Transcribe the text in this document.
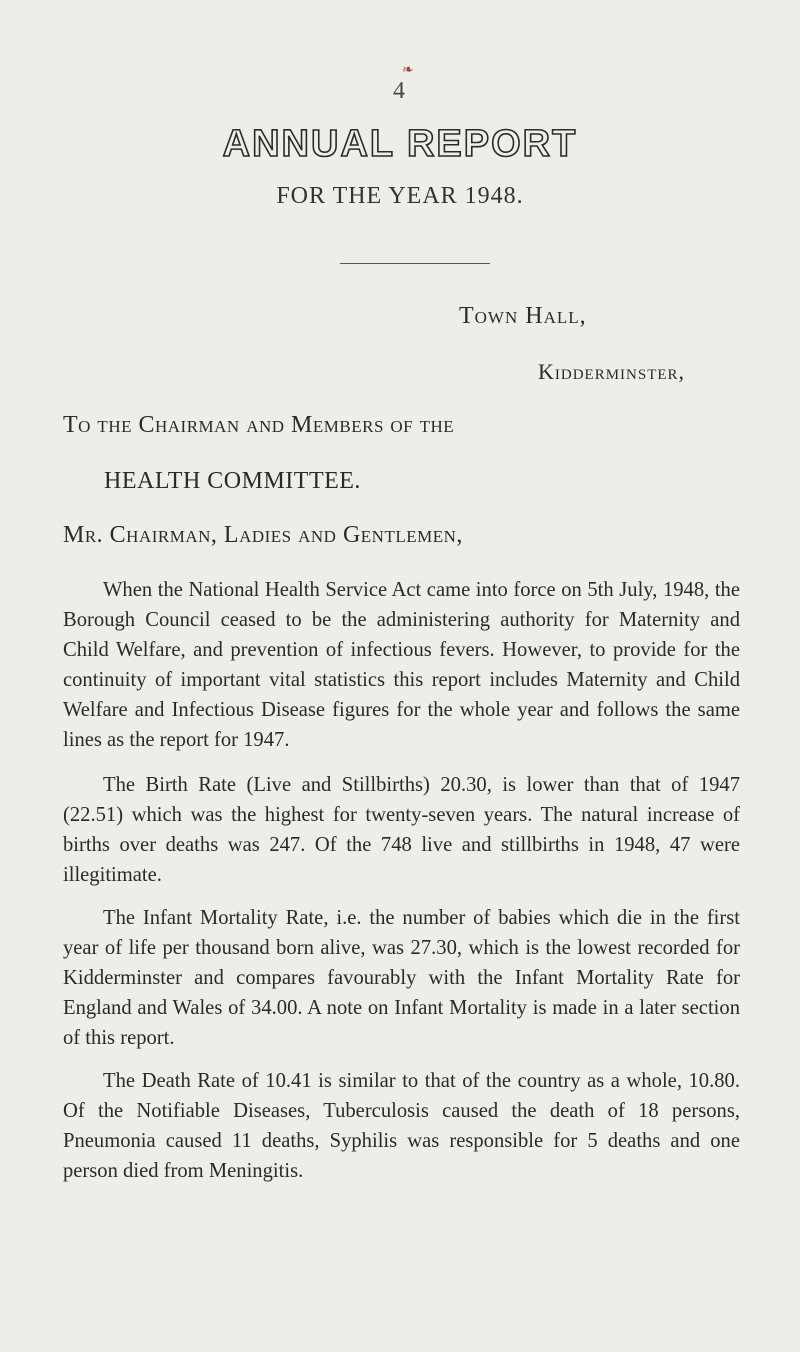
❧
4
ANNUAL REPORT
FOR THE YEAR 1948.
Town Hall,
Kidderminster,
To the Chairman and Members of the
HEALTH COMMITTEE.
Mr. Chairman, Ladies and Gentlemen,

When the National Health Service Act came into force on 5th July, 1948, the Borough Council ceased to be the administering authority for Maternity and Child Welfare, and prevention of infectious fevers. However, to provide for the continuity of important vital statistics this report includes Maternity and Child Welfare and Infectious Disease figures for the whole year and follows the same lines as the report for 1947.

The Birth Rate (Live and Stillbirths) 20.30, is lower than that of 1947 (22.51) which was the highest for twenty-seven years. The natural increase of births over deaths was 247. Of the 748 live and stillbirths in 1948, 47 were illegitimate.

The Infant Mortality Rate, i.e. the number of babies which die in the first year of life per thousand born alive, was 27.30, which is the lowest recorded for Kidderminster and compares favourably with the Infant Mortality Rate for England and Wales of 34.00. A note on Infant Mortality is made in a later section of this report.

The Death Rate of 10.41 is similar to that of the country as a whole, 10.80. Of the Notifiable Diseases, Tuberculosis caused the death of 18 persons, Pneumonia caused 11 deaths, Syphilis was responsible for 5 deaths and one person died from Meningitis.
